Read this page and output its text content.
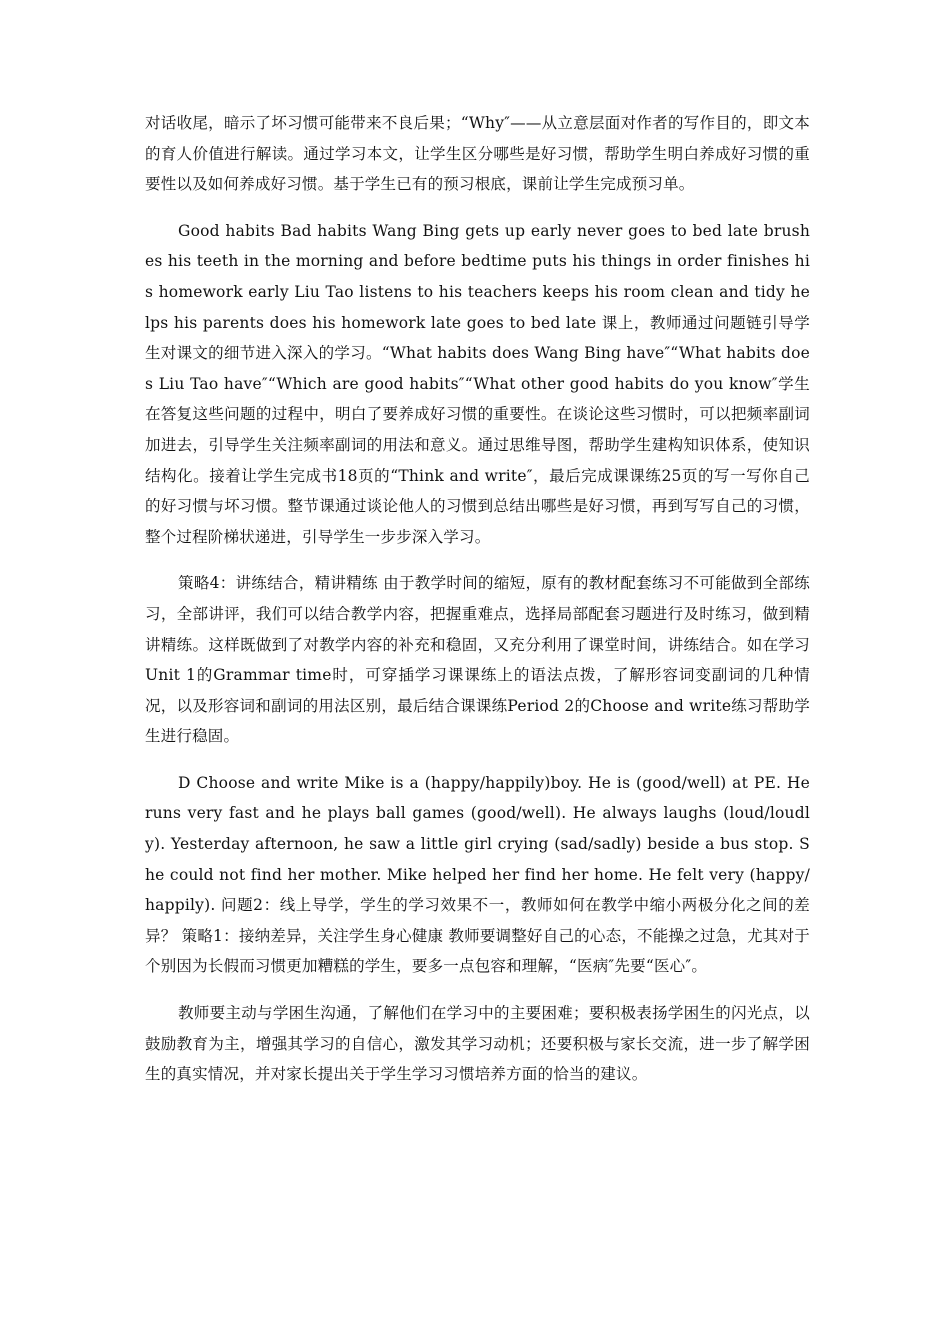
对话收尾，暗示了坏习惯可能带来不良后果；“Why″——从立意层面对作者的写作目的，即文本的育人价值进行解读。通过学习本文，让学生区分哪些是好习惯，帮助学生明白养成好习惯的重要性以及如何养成好习惯。基于学生已有的预习根底，课前让学生完成预习单。

Good habits Bad habits Wang Bing gets up early never goes to bed late brushes his teeth in the morning and before bedtime puts his things in order finishes his homework early Liu Tao listens to his teachers keeps his room clean and tidy helps his parents does his homework late goes to bed late 课上，教师通过问题链引导学生对课文的细节进入深入的学习。“What habits does Wang Bing have″“What habits does Liu Tao have″“Which are good habits″“What other good habits do you know″学生在答复这些问题的过程中，明白了要养成好习惯的重要性。在谈论这些习惯时，可以把频率副词加进去，引导学生关注频率副词的用法和意义。通过思维导图，帮助学生建构知识体系，使知识结构化。接着让学生完成书18页的“Think and write″，最后完成课课练25页的写一写你自己的好习惯与坏习惯。整节课通过谈论他人的习惯到总结出哪些是好习惯，再到写写自己的习惯，整个过程阶梯状递进，引导学生一步步深入学习。

策略4：讲练结合，精讲精练 由于教学时间的缩短，原有的教材配套练习不可能做到全部练习，全部讲评，我们可以结合教学内容，把握重难点，选择局部配套习题进行及时练习，做到精讲精练。这样既做到了对教学内容的补充和稳固，又充分利用了课堂时间，讲练结合。如在学习Unit 1的Grammar time时，可穿插学习课课练上的语法点拨，了解形容词变副词的几种情况，以及形容词和副词的用法区别，最后结合课课练Period 2的Choose and write练习帮助学生进行稳固。

D Choose and write Mike is a (happy/happily)boy. He is (good/well) at PE. He runs very fast and he plays ball games (good/well). He always laughs (loud/loudly). Yesterday afternoon, he saw a little girl crying (sad/sadly) beside a bus stop. She could not find her mother. Mike helped her find her home. He felt very (happy/happily). 问题2：线上导学，学生的学习效果不一，教师如何在教学中缩小两极分化之间的差异？ 策略1：接纳差异，关注学生身心健康 教师要调整好自己的心态，不能操之过急，尤其对于个别因为长假而习惯更加糟糕的学生，要多一点包容和理解，“医病″先要“医心″。

教师要主动与学困生沟通，了解他们在学习中的主要困难；要积极表扬学困生的闪光点，以鼓励教育为主，增强其学习的自信心，激发其学习动机；还要积极与家长交流，进一步了解学困生的真实情况，并对家长提出关于学生学习习惯培养方面的恰当的建议。
